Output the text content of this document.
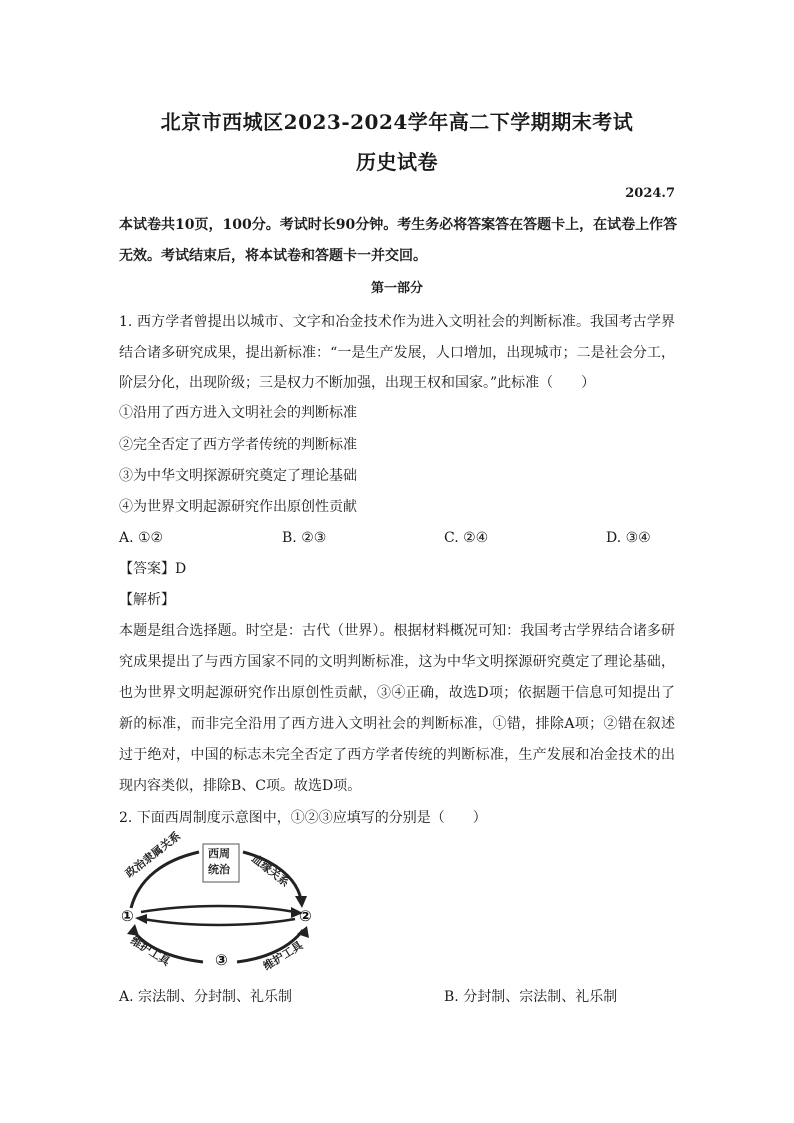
北京市西城区2023-2024学年高二下学期期末考试
历史试卷
2024.7
本试卷共10页，100分。考试时长90分钟。考生务必将答案答在答题卡上，在试卷上作答
无效。考试结束后，将本试卷和答题卡一并交回。
第一部分
1. 西方学者曾提出以城市、文字和冶金技术作为进入文明社会的判断标准。我国考古学界
结合诸多研究成果，提出新标准：“一是生产发展，人口增加，出现城市；二是社会分工，
阶层分化，出现阶级；三是权力不断加强，出现王权和国家。”此标准（　　）
①沿用了西方进入文明社会的判断标准
②完全否定了西方学者传统的判断标准
③为中华文明探源研究奠定了理论基础
④为世界文明起源研究作出原创性贡献
A. ①②	B. ②③	C. ②④	D. ③④
【答案】D
【解析】
本题是组合选择题。时空是：古代（世界）。根据材料概况可知：我国考古学界结合诸多研
究成果提出了与西方国家不同的文明判断标准，这为中华文明探源研究奠定了理论基础，
也为世界文明起源研究作出原创性贡献，③④正确，故选D项；依据题干信息可知提出了
新的标准，而非完全沿用了西方进入文明社会的判断标准，①错，排除A项；②错在叙述
过于绝对，中国的标志未完全否定了西方学者传统的判断标准，生产发展和冶金技术的出
现内容类似，排除B、C项。故选D项。
2. 下面西周制度示意图中，①②③应填写的分别是（　　）
西周
统治
政治隶属关系	血缘关系
维护工具	维护工具
①	②
③
A. 宗法制、分封制、礼乐制	B. 分封制、宗法制、礼乐制
